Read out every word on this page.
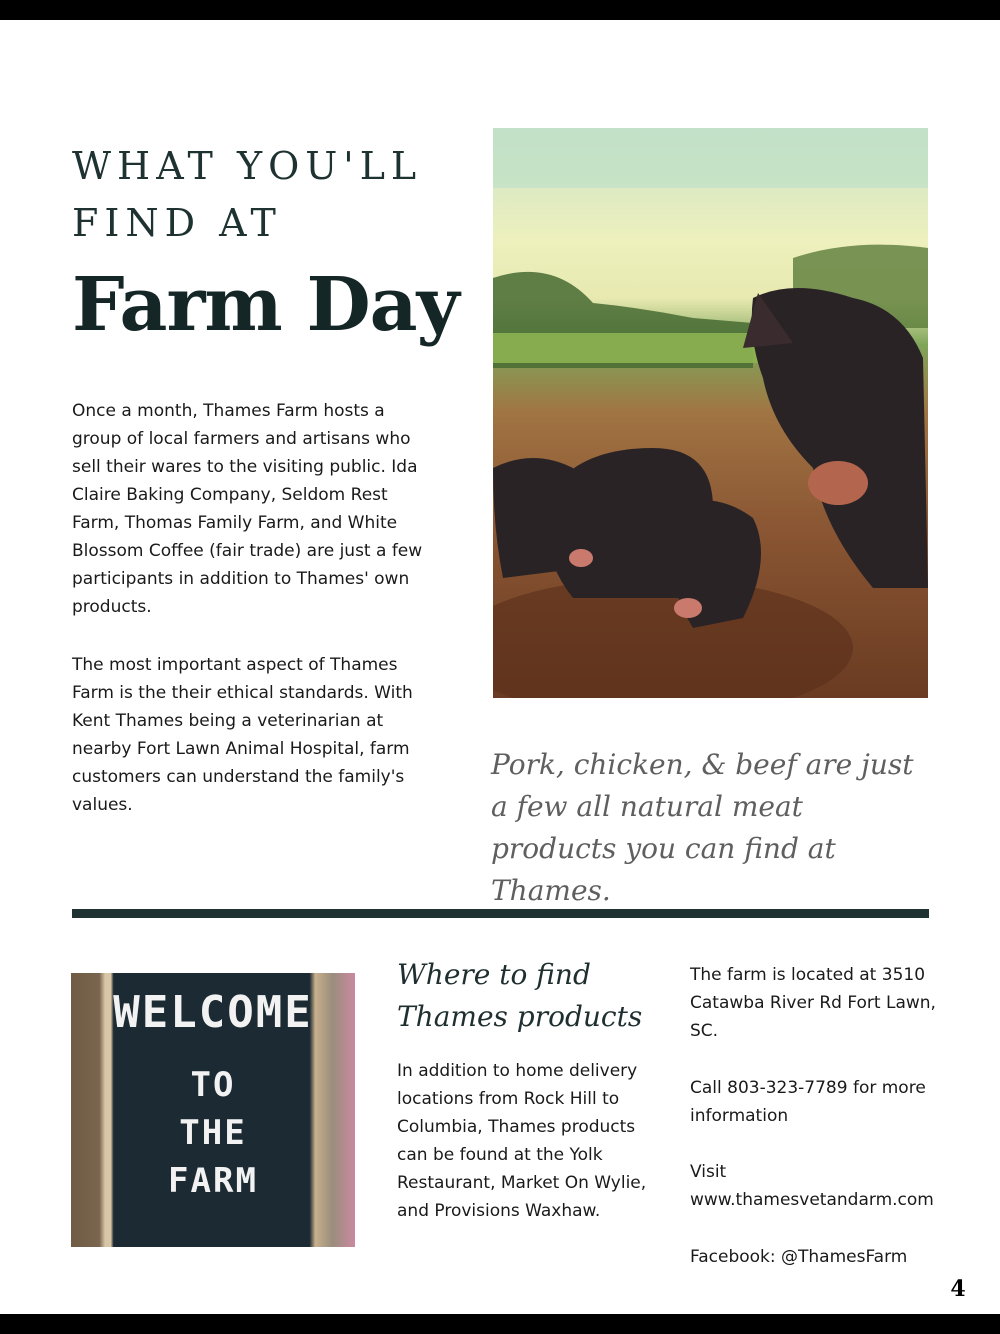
WHAT YOU'LL
FIND AT
Farm Day
Once a month, Thames Farm hosts a group of local farmers and artisans who sell their wares to the visiting public. Ida Claire Baking Company, Seldom Rest Farm, Thomas Family Farm, and White Blossom Coffee (fair trade) are just a few participants in addition to Thames' own products.
The most important aspect of Thames Farm is the their ethical standards. With Kent Thames being a veterinarian at nearby Fort Lawn Animal Hospital, farm customers can understand the family's values.
Pork, chicken, & beef are just a few all natural meat products you can find at Thames.
WELCOME
TO
THE
FARM
Where to find Thames products
In addition to home delivery locations from Rock Hill to Columbia, Thames products can be found at the Yolk Restaurant, Market On Wylie, and Provisions Waxhaw.
The farm is located at 3510 Catawba River Rd Fort Lawn, SC.
Call 803-323-7789 for more information
Visit www.thamesvetandarm.com
Facebook: @ThamesFarm
4
